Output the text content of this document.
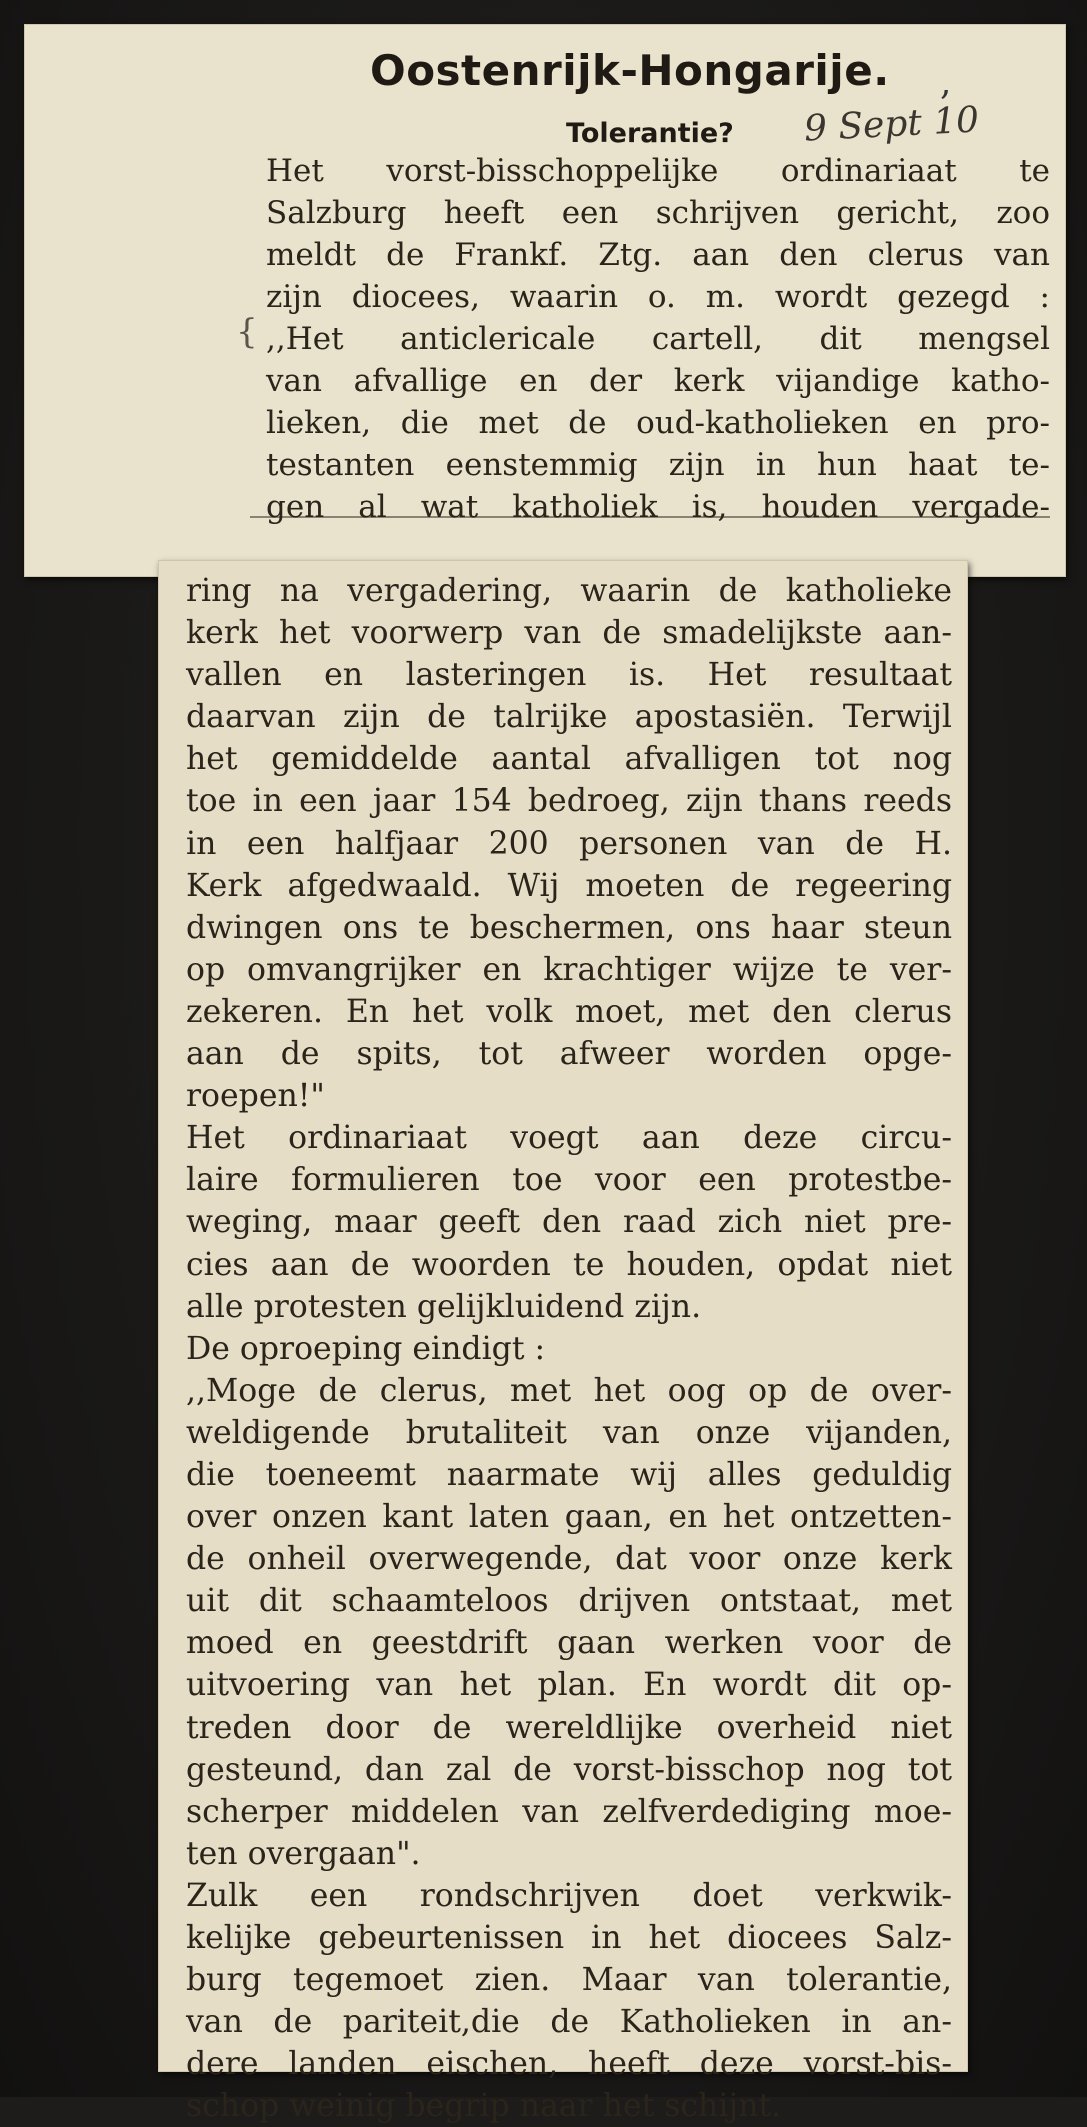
Oostenrijk-Hongarije. ,
Tolerantie? 9 Sept 10
{
Het vorst-bisschoppelijke ordinariaat te
Salzburg heeft een schrijven gericht, zoo
meldt de Frankf. Ztg. aan den clerus van
zijn diocees, waarin o. m. wordt gezegd :
,,Het anticlericale cartell, dit mengsel
van afvallige en der kerk vijandige katho-
lieken, die met de oud-katholieken en pro-
testanten eenstemmig zijn in hun haat te-
gen al wat katholiek is, houden vergade-
ring na vergadering, waarin de katholieke
kerk het voorwerp van de smadelijkste aan-
vallen en lasteringen is. Het resultaat
daarvan zijn de talrijke apostasiën. Terwijl
het gemiddelde aantal afvalligen tot nog
toe in een jaar 154 bedroeg, zijn thans reeds
in een halfjaar 200 personen van de H.
Kerk afgedwaald. Wij moeten de regeering
dwingen ons te beschermen, ons haar steun
op omvangrijker en krachtiger wijze te ver-
zekeren. En het volk moet, met den clerus
aan de spits, tot afweer worden opge-
roepen!"
Het ordinariaat voegt aan deze circu-
laire formulieren toe voor een protestbe-
weging, maar geeft den raad zich niet pre-
cies aan de woorden te houden, opdat niet
alle protesten gelijkluidend zijn.
De oproeping eindigt :
,,Moge de clerus, met het oog op de over-
weldigende brutaliteit van onze vijanden,
die toeneemt naarmate wij alles geduldig
over onzen kant laten gaan, en het ontzetten-
de onheil overwegende, dat voor onze kerk
uit dit schaamteloos drijven ontstaat, met
moed en geestdrift gaan werken voor de
uitvoering van het plan. En wordt dit op-
treden door de wereldlijke overheid niet
gesteund, dan zal de vorst-bisschop nog tot
scherper middelen van zelfverdediging moe-
ten overgaan".
Zulk een rondschrijven doet verkwik-
kelijke gebeurtenissen in het diocees Salz-
burg tegemoet zien. Maar van tolerantie,
van de pariteit,die de Katholieken in an-
dere landen eischen, heeft deze vorst-bis-
schop weinig begrip naar het schijnt.
